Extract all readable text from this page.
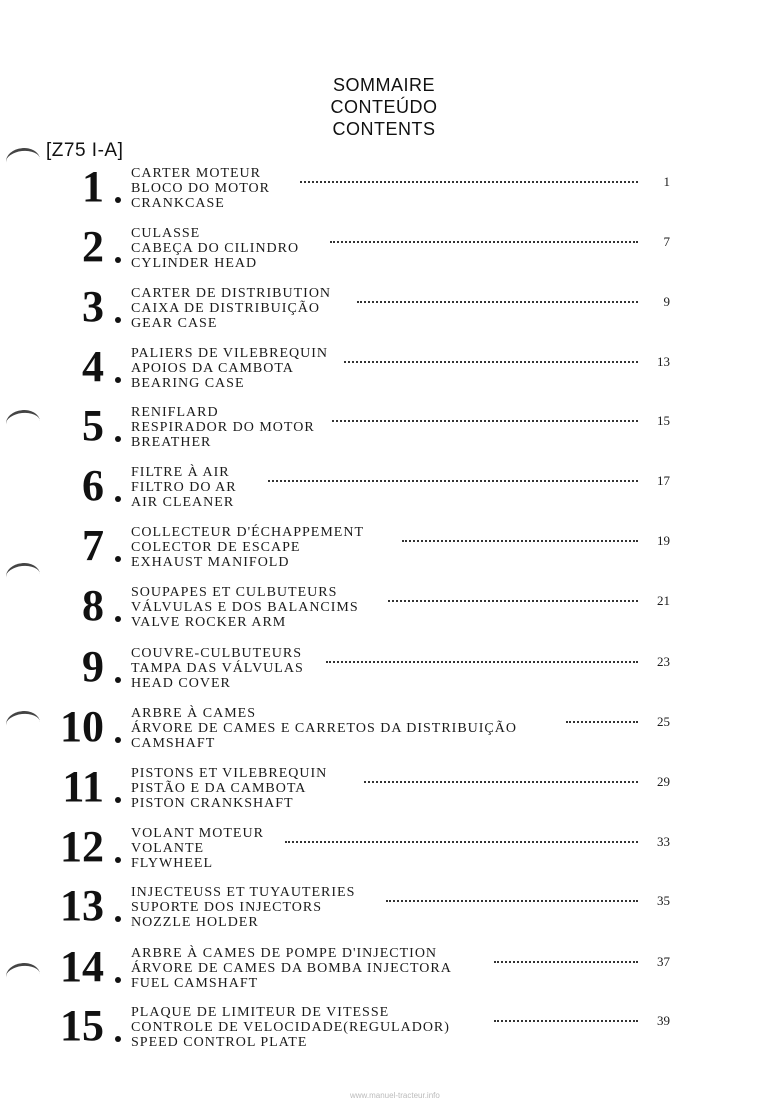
SOMMAIRE
CONTEÚDO
CONTENTS
[Z75 I-A]
1 CARTER MOTEUR
BLOCO DO MOTOR
CRANKCASE
1
2 CULASSE
CABEÇA DO CILINDRO
CYLINDER HEAD
7
3 CARTER DE DISTRIBUTION
CAIXA DE DISTRIBUIÇÃO
GEAR CASE
9
4 PALIERS DE VILEBREQUIN
APOIOS DA CAMBOTA
BEARING CASE
13
5 RENIFLARD
RESPIRADOR DO MOTOR
BREATHER
15
6 FILTRE À AIR
FILTRO DO AR
AIR CLEANER
17
7 COLLECTEUR D'ÉCHAPPEMENT
COLECTOR DE ESCAPE
EXHAUST MANIFOLD
19
8 SOUPAPES ET CULBUTEURS
VÁLVULAS E DOS BALANCIMS
VALVE ROCKER ARM
21
9 COUVRE-CULBUTEURS
TAMPA DAS VÁLVULAS
HEAD COVER
23
10 ARBRE À CAMES
ÁRVORE DE CAMES E CARRETOS DA DISTRIBUIÇÃO
CAMSHAFT
25
11 PISTONS ET VILEBREQUIN
PISTÃO E DA CAMBOTA
PISTON CRANKSHAFT
29
12 VOLANT MOTEUR
VOLANTE
FLYWHEEL
33
13 INJECTEUSS ET TUYAUTERIES
SUPORTE DOS INJECTORS
NOZZLE HOLDER
35
14 ARBRE À CAMES DE POMPE D'INJECTION
ÁRVORE DE CAMES DA BOMBA INJECTORA
FUEL CAMSHAFT
37
15 PLAQUE DE LIMITEUR DE VITESSE
CONTROLE DE VELOCIDADE(REGULADOR)
SPEED CONTROL PLATE
39
www.manuel-tracteur.info
